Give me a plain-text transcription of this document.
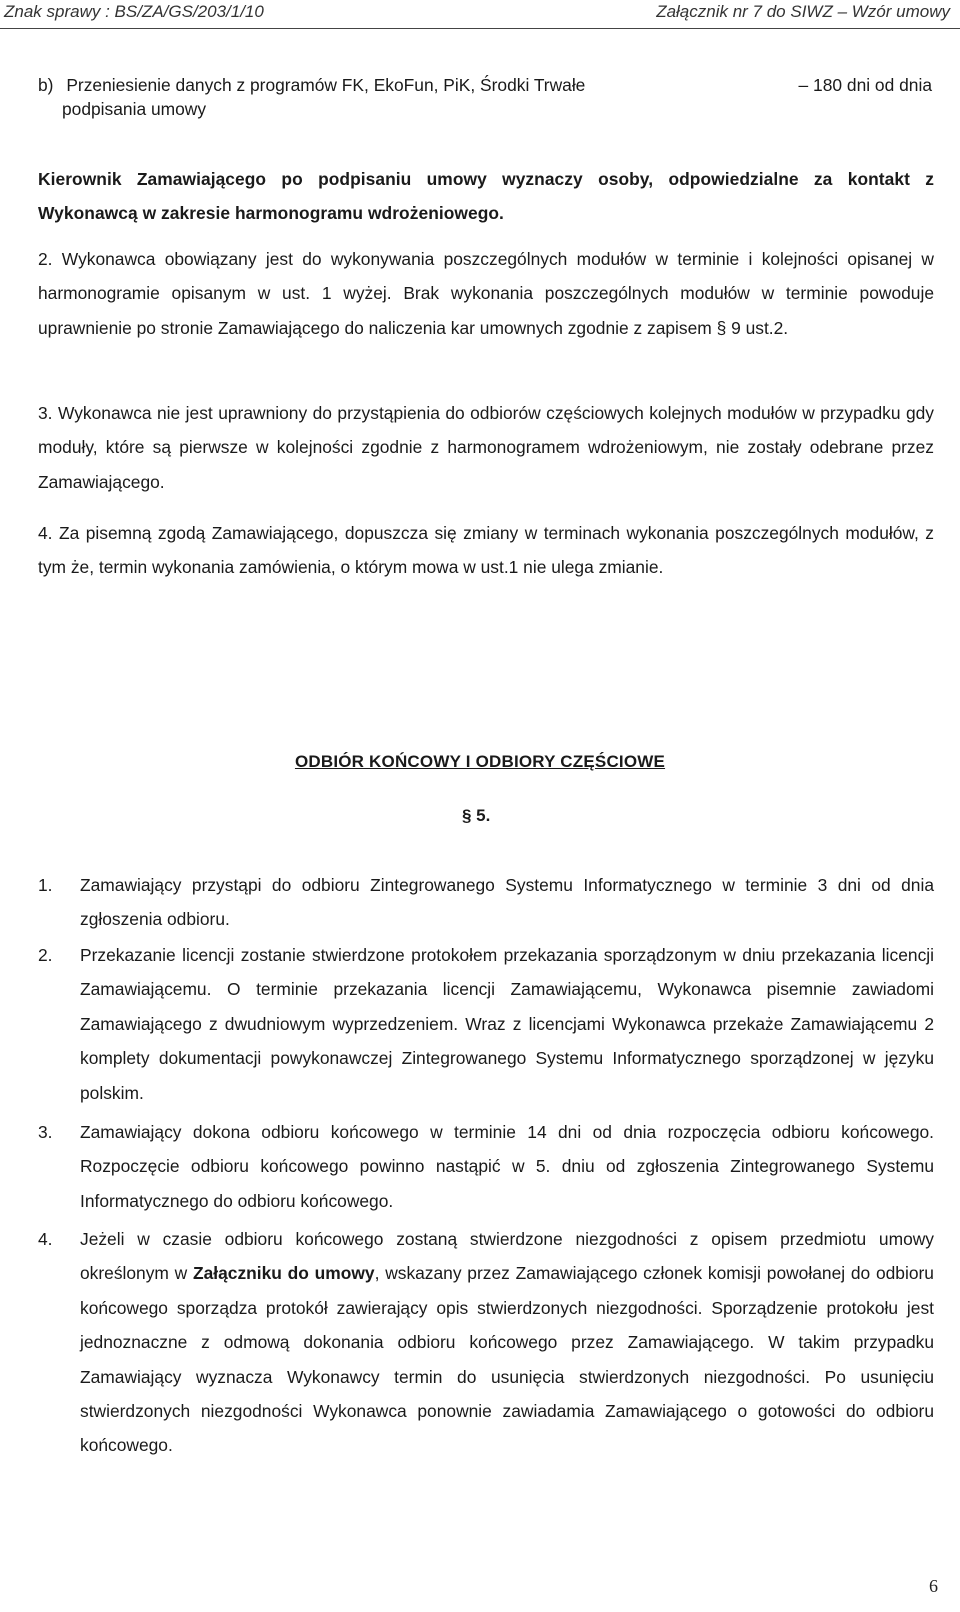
Znak sprawy : BS/ZA/GS/203/1/10	Załącznik nr 7 do SIWZ – Wzór umowy
b) Przeniesienie danych z programów FK, EkoFun, PiK, Środki Trwałe	– 180 dni od dnia
podpisania umowy

Kierownik Zamawiającego po podpisaniu umowy wyznaczy osoby, odpowiedzialne za kontakt z Wykonawcą w zakresie harmonogramu wdrożeniowego.

2. Wykonawca obowiązany jest do wykonywania poszczególnych modułów w terminie i kolejności opisanej w harmonogramie opisanym w ust. 1 wyżej. Brak wykonania poszczególnych modułów w terminie powoduje uprawnienie po stronie Zamawiającego do naliczenia kar umownych zgodnie z zapisem § 9 ust.2.

3. Wykonawca nie jest uprawniony do przystąpienia do odbiorów częściowych kolejnych modułów w przypadku gdy moduły, które są pierwsze w kolejności zgodnie z harmonogramem wdrożeniowym, nie zostały odebrane przez Zamawiającego.

4. Za pisemną zgodą Zamawiającego, dopuszcza się zmiany w terminach wykonania poszczególnych modułów, z tym że, termin wykonania zamówienia, o którym mowa w ust.1 nie ulega zmianie.

ODBIÓR KOŃCOWY I ODBIORY CZĘŚCIOWE
§ 5.
1. Zamawiający przystąpi do odbioru Zintegrowanego Systemu Informatycznego w terminie 3 dni od dnia zgłoszenia odbioru.

2. Przekazanie licencji zostanie stwierdzone protokołem przekazania sporządzonym w dniu przekazania licencji Zamawiającemu. O terminie przekazania licencji Zamawiającemu, Wykonawca pisemnie zawiadomi Zamawiającego z dwudniowym wyprzedzeniem. Wraz z licencjami Wykonawca przekaże Zamawiającemu 2 komplety dokumentacji powykonawczej Zintegrowanego Systemu Informatycznego sporządzonej w języku polskim.

3. Zamawiający dokona odbioru końcowego w terminie 14 dni od dnia rozpoczęcia odbioru końcowego. Rozpoczęcie odbioru końcowego powinno nastąpić w 5. dniu od zgłoszenia Zintegrowanego Systemu Informatycznego do odbioru końcowego.

4. Jeżeli w czasie odbioru końcowego zostaną stwierdzone niezgodności z opisem przedmiotu umowy określonym w Załączniku do umowy, wskazany przez Zamawiającego członek komisji powołanej do odbioru końcowego sporządza protokół zawierający opis stwierdzonych niezgodności. Sporządzenie protokołu jest jednoznaczne z odmową dokonania odbioru końcowego przez Zamawiającego. W takim przypadku Zamawiający wyznacza Wykonawcy termin do usunięcia stwierdzonych niezgodności. Po usunięciu stwierdzonych niezgodności Wykonawca ponownie zawiadamia Zamawiającego o gotowości do odbioru końcowego.

6
